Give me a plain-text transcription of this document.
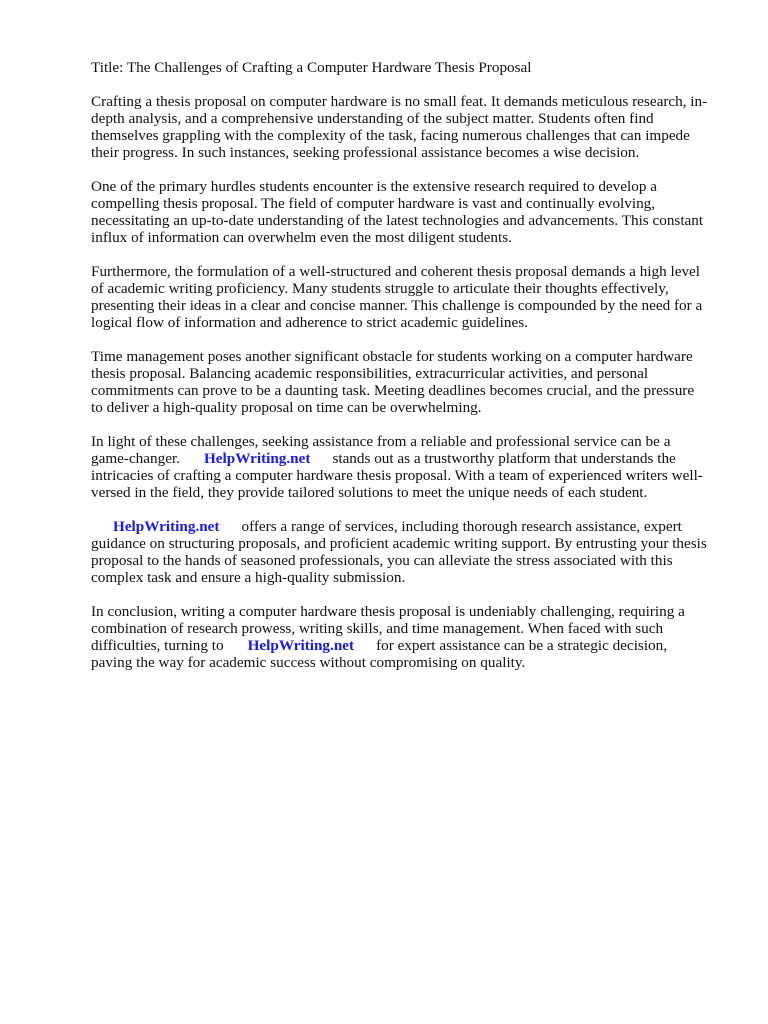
Title: The Challenges of Crafting a Computer Hardware Thesis Proposal

Crafting a thesis proposal on computer hardware is no small feat. It demands meticulous research, in-
depth analysis, and a comprehensive understanding of the subject matter. Students often find
themselves grappling with the complexity of the task, facing numerous challenges that can impede
their progress. In such instances, seeking professional assistance becomes a wise decision.
One of the primary hurdles students encounter is the extensive research required to develop a
compelling thesis proposal. The field of computer hardware is vast and continually evolving,
necessitating an up-to-date understanding of the latest technologies and advancements. This constant
influx of information can overwhelm even the most diligent students.
Furthermore, the formulation of a well-structured and coherent thesis proposal demands a high level
of academic writing proficiency. Many students struggle to articulate their thoughts effectively,
presenting their ideas in a clear and concise manner. This challenge is compounded by the need for a
logical flow of information and adherence to strict academic guidelines.
Time management poses another significant obstacle for students working on a computer hardware
thesis proposal. Balancing academic responsibilities, extracurricular activities, and personal
commitments can prove to be a daunting task. Meeting deadlines becomes crucial, and the pressure
to deliver a high-quality proposal on time can be overwhelming.
In light of these challenges, seeking assistance from a reliable and professional service can be a
game-changer. HelpWriting.net stands out as a trustworthy platform that understands the
intricacies of crafting a computer hardware thesis proposal. With a team of experienced writers well-
versed in the field, they provide tailored solutions to meet the unique needs of each student.
HelpWriting.net offers a range of services, including thorough research assistance, expert
guidance on structuring proposals, and proficient academic writing support. By entrusting your thesis
proposal to the hands of seasoned professionals, you can alleviate the stress associated with this
complex task and ensure a high-quality submission.
In conclusion, writing a computer hardware thesis proposal is undeniably challenging, requiring a
combination of research prowess, writing skills, and time management. When faced with such
difficulties, turning to HelpWriting.net for expert assistance can be a strategic decision,
paving the way for academic success without compromising on quality.
